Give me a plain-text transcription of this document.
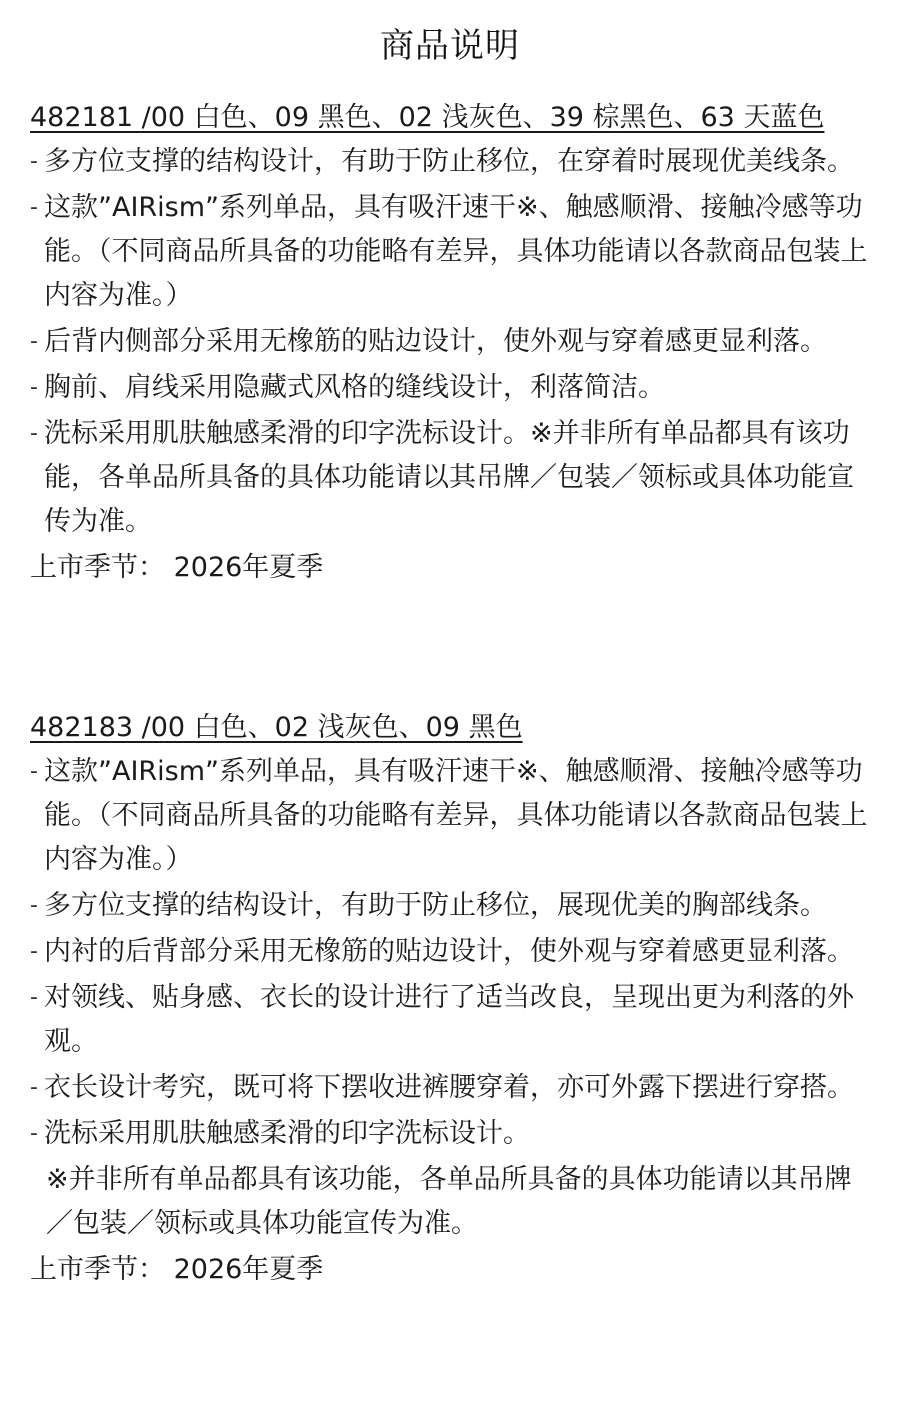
商品说明
482181 /00 白色、09 黑色、02 浅灰色、39 棕黑色、63 天蓝色
- 多方位支撑的结构设计，有助于防止移位，在穿着时展现优美线条。
- 这款”AIRism”系列单品，具有吸汗速干※、触感顺滑、接触冷感等功能。（不同商品所具备的功能略有差异，具体功能请以各款商品包装上内容为准。）
- 后背内侧部分采用无橡筋的贴边设计，使外观与穿着感更显利落。
- 胸前、肩线采用隐藏式风格的缝线设计，利落简洁。
- 洗标采用肌肤触感柔滑的印字洗标设计。※并非所有单品都具有该功能，各单品所具备的具体功能请以其吊牌／包装／领标或具体功能宣传为准。
上市季节： 2026年夏季
482183 /00 白色、02 浅灰色、09 黑色
- 这款”AIRism”系列单品，具有吸汗速干※、触感顺滑、接触冷感等功能。（不同商品所具备的功能略有差异，具体功能请以各款商品包装上内容为准。）
- 多方位支撑的结构设计，有助于防止移位，展现优美的胸部线条。
- 内衬的后背部分采用无橡筋的贴边设计，使外观与穿着感更显利落。
- 对领线、贴身感、衣长的设计进行了适当改良，呈现出更为利落的外观。
- 衣长设计考究，既可将下摆收进裤腰穿着，亦可外露下摆进行穿搭。
- 洗标采用肌肤触感柔滑的印字洗标设计。
※并非所有单品都具有该功能，各单品所具备的具体功能请以其吊牌／包装／领标或具体功能宣传为准。
上市季节： 2026年夏季
